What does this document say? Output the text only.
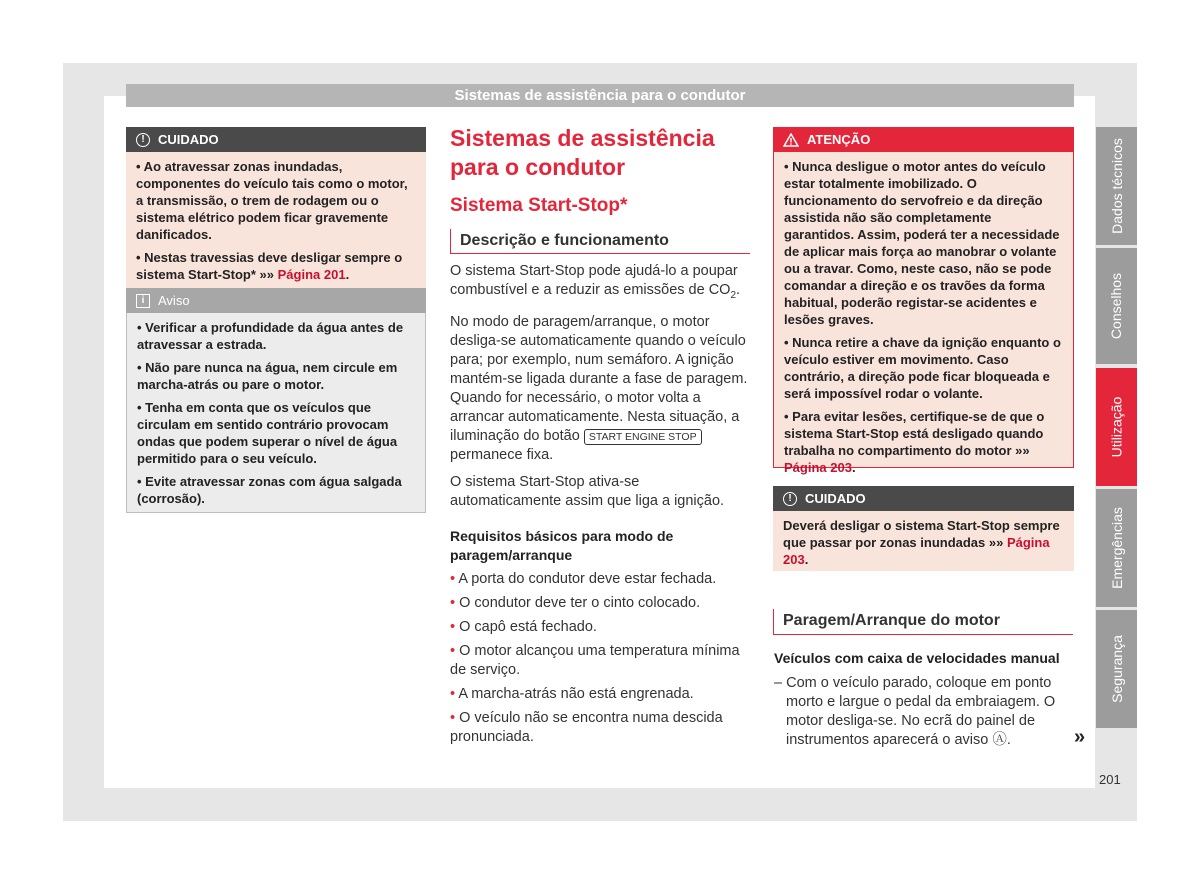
Sistemas de assistência para o condutor
!	CUIDADO

• Ao atravessar zonas inundadas, componentes do veículo tais como o motor, a transmissão, o trem de rodagem ou o sistema elétrico podem ficar gravemente danificados.

• Nestas travessias deve desligar sempre o sistema Start-Stop* »» Página 201.

i	Aviso

• Verificar a profundidade da água antes de atravessar a estrada.

• Não pare nunca na água, nem circule em marcha-atrás ou pare o motor.

• Tenha em conta que os veículos que circulam em sentido contrário provocam ondas que podem superar o nível de água permitido para o seu veículo.

• Evite atravessar zonas com água salgada (corrosão).

Sistemas de assistência para o condutor
Sistema Start-Stop*
Descrição e funcionamento

O sistema Start-Stop pode ajudá-lo a poupar combustível e a reduzir as emissões de $CO_2$.

No modo de paragem/arranque, o motor desliga-se automaticamente quando o veículo para; por exemplo, num semáforo. A ignição mantém-se ligada durante a fase de paragem. Quando for necessário, o motor volta a arrancar automaticamente. Nesta situação, a iluminação do botão START ENGINE STOP permanece fixa.

O sistema Start-Stop ativa-se automaticamente assim que liga a ignição.

Requisitos básicos para modo de paragem/arranque
• A porta do condutor deve estar fechada.
• O condutor deve ter o cinto colocado.
• O capô está fechado.
• O motor alcançou uma temperatura mínima de serviço.
• A marcha-atrás não está engrenada.
• O veículo não se encontra numa descida pronunciada.
ATENÇÃO

• Nunca desligue o motor antes do veículo estar totalmente imobilizado. O funcionamento do servofreio e da direção assistida não são completamente garantidos. Assim, poderá ter a necessidade de aplicar mais força ao manobrar o volante ou a travar. Como, neste caso, não se pode comandar a direção e os travões da forma habitual, poderão registar-se acidentes e lesões graves.

• Nunca retire a chave da ignição enquanto o veículo estiver em movimento. Caso contrário, a direção pode ficar bloqueada e será impossível rodar o volante.

• Para evitar lesões, certifique-se de que o sistema Start-Stop está desligado quando trabalha no compartimento do motor »» Página 203.

!	CUIDADO

Deverá desligar o sistema Start-Stop sempre que passar por zonas inundadas »» Página 203.

Paragem/Arranque do motor
Veículos com caixa de velocidades manual
– Com o veículo parado, coloque em ponto morto e largue o pedal da embraiagem. O motor desliga-se. No ecrã do painel de instrumentos aparecerá o aviso Ⓐ.	»
Dados técnicos
Conselhos
Utilização
Emergências
Segurança
201
